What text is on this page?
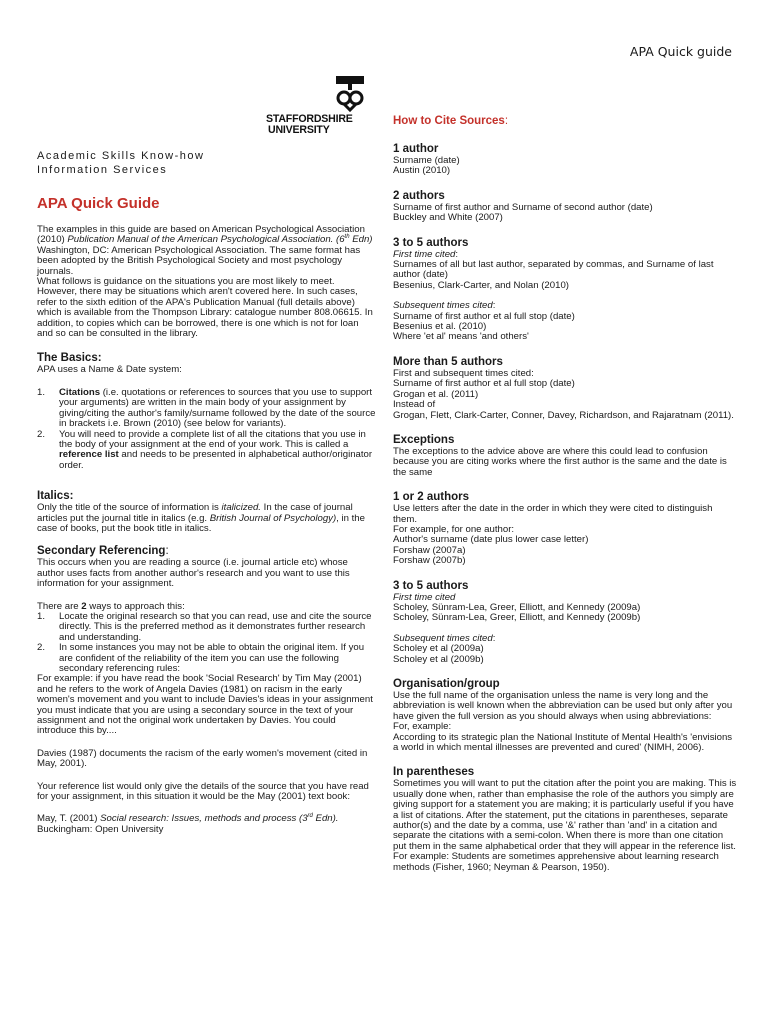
APA Quick guide
STAFFORDSHIRE
UNIVERSITY
Academic Skills Know-how
Information Services
APA Quick Guide

The examples in this guide are based on American Psychological Association (2010) Publication Manual of the American Psychological Association. (6th Edn) Washington, DC: American Psychological Association. The same format has been adopted by the British Psychological Society and most psychology journals.

What follows is guidance on the situations you are most likely to meet. However, there may be situations which aren't covered here. In such cases, refer to the sixth edition of the APA's Publication Manual (full details above) which is available from the Thompson Library: catalogue number 808.06615. In addition, to copies which can be borrowed, there is one which is not for loan and so can be consulted in the library.

The Basics:

APA uses a Name & Date system:

1. Citations (i.e. quotations or references to sources that you use to support your arguments) are written in the main body of your assignment by giving/citing the author's family/surname followed by the date of the source in brackets i.e. Brown (2010) (see below for variants).
2. You will need to provide a complete list of all the citations that you use in the body of your assignment at the end of your work. This is called a reference list and needs to be presented in alphabetical author/originator order.

Italics:

Only the title of the source of information is italicized. In the case of journal articles put the journal title in italics (e.g. British Journal of Psychology), in the case of books, put the book title in italics.

Secondary Referencing:

This occurs when you are reading a source (i.e. journal article etc) whose author uses facts from another author's research and you want to use this information for your assignment.

There are 2 ways to approach this:

1. Locate the original research so that you can read, use and cite the source directly. This is the preferred method as it demonstrates further research and understanding.
2. In some instances you may not be able to obtain the original item. If you are confident of the reliability of the item you can use the following secondary referencing rules:

For example: if you have read the book 'Social Research' by Tim May (2001) and he refers to the work of Angela Davies (1981) on racism in the early women's movement and you want to include Davies's ideas in your assignment you must indicate that you are using a secondary source in the text of your assignment and not the original work undertaken by Davies. You could introduce this by....

Davies (1987) documents the racism of the early women's movement (cited in May, 2001).

Your reference list would only give the details of the source that you have read for your assignment, in this situation it would be the May (2001) text book:

May, T. (2001) Social research: Issues, methods and process (3rd Edn).
Buckingham: Open University

How to Cite Sources:

1 author

Surname (date)

Austin (2010)

2 authors

Surname of first author and Surname of second author (date)

Buckley and White (2007)

3 to 5 authors

First time cited:

Surnames of all but last author, separated by commas, and Surname of last author (date)

Besenius, Clark-Carter, and Nolan (2010)

Subsequent times cited:

Surname of first author et al full stop (date)

Besenius et al. (2010)

Where 'et al' means 'and others'

More than 5 authors

First and subsequent times cited:

Surname of first author et al full stop (date)

Grogan et al. (2011)

Instead of

Grogan, Flett, Clark-Carter, Conner, Davey, Richardson, and Rajaratnam (2011).

Exceptions

The exceptions to the advice above are where this could lead to confusion because you are citing works where the first author is the same and the date is the same

1 or 2 authors

Use letters after the date in the order in which they were cited to distinguish them.

For example, for one author:

Author's surname (date plus lower case letter)

Forshaw (2007a)

Forshaw (2007b)

3 to 5 authors

First time cited

Scholey, Sünram-Lea, Greer, Elliott, and Kennedy (2009a)

Scholey, Sünram-Lea, Greer, Elliott, and Kennedy (2009b)

Subsequent times cited:

Scholey et al (2009a)

Scholey et al (2009b)

Organisation/group

Use the full name of the organisation unless the name is very long and the abbreviation is well known when the abbreviation can be used but only after you have given the full version as you should always when using abbreviations:

For, example:

According to its strategic plan the National Institute of Mental Health's 'envisions a world in which mental illnesses are prevented and cured' (NIMH, 2006).

In parentheses

Sometimes you will want to put the citation after the point you are making. This is usually done when, rather than emphasise the role of the authors you simply are giving support for a statement you are making; it is particularly useful if you have a list of citations. After the statement, put the citations in parentheses, separate author(s) and the date by a comma, use '&' rather than 'and' in a citation and separate the citations with a semi-colon. When there is more than one citation put them in the same alphabetical order that they will appear in the reference list. For example: Students are sometimes apprehensive about learning research methods (Fisher, 1960; Neyman & Pearson, 1950).
